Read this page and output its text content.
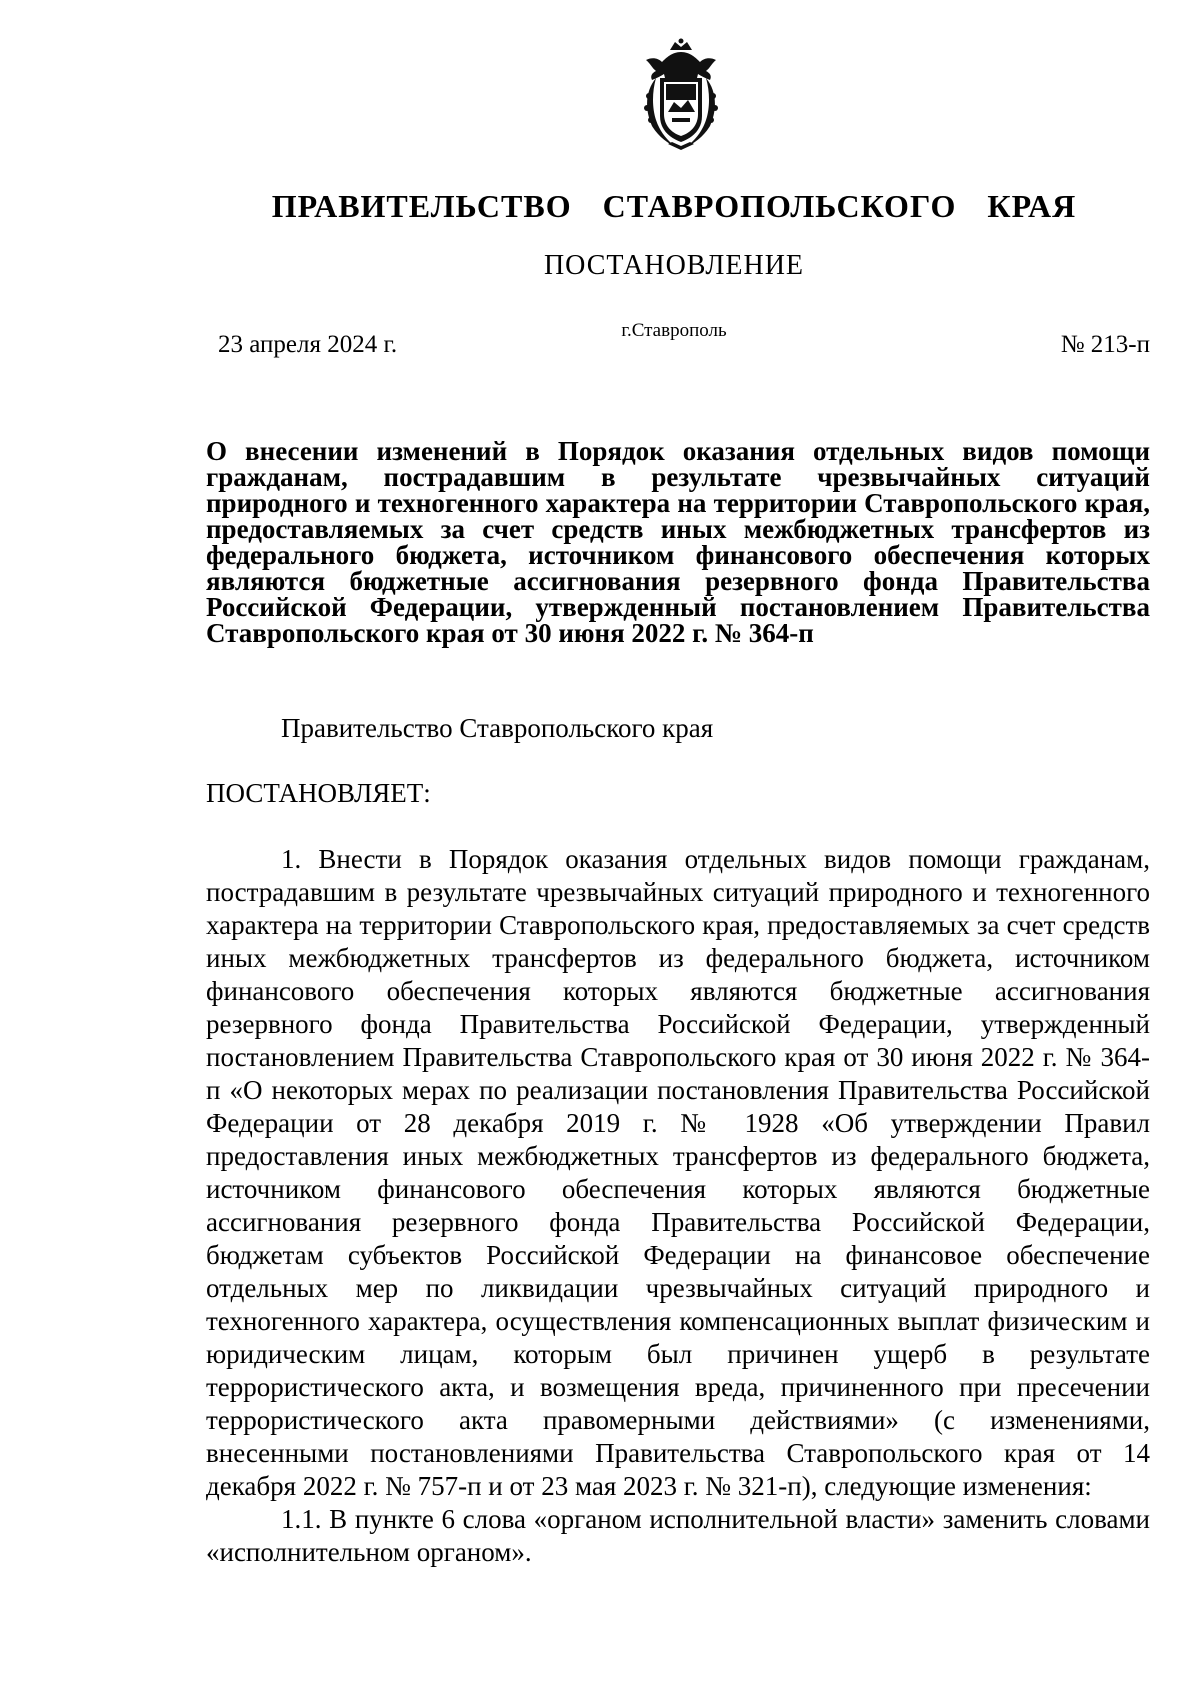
ПРАВИТЕЛЬСТВО СТАВРОПОЛЬСКОГО КРАЯ
ПОСТАНОВЛЕНИЕ
23 апреля 2024 г.
г.Ставрополь
№ 213-п
О внесении изменений в Порядок оказания отдельных видов помощи гражданам, пострадавшим в результате чрезвычайных ситуаций природного и техногенного характера на территории Ставропольского края, предоставляемых за счет средств иных межбюджетных трансфертов из федерального бюджета, источником финансового обеспечения которых являются бюджетные ассигнования резервного фонда Правительства Российской Федерации, утвержденный постановлением Правительства Ставропольского края от 30 июня 2022 г. № 364-п
Правительство Ставропольского края
ПОСТАНОВЛЯЕТ:

1. Внести в Порядок оказания отдельных видов помощи гражданам, пострадавшим в результате чрезвычайных ситуаций природного и техногенного характера на территории Ставропольского края, предоставляемых за счет средств иных межбюджетных трансфертов из федерального бюджета, источником финансового обеспечения которых являются бюджетные ассигнования резервного фонда Правительства Российской Федерации, утвержденный постановлением Правительства Ставропольского края от 30 июня 2022 г. № 364-п «О некоторых мерах по реализации постановления Правительства Российской Федерации от 28 декабря 2019 г. № 1928 «Об утверждении Правил предоставления иных межбюджетных трансфертов из федерального бюджета, источником финансового обеспечения которых являются бюджетные ассигнования резервного фонда Правительства Российской Федерации, бюджетам субъектов Российской Федерации на финансовое обеспечение отдельных мер по ликвидации чрезвычайных ситуаций природного и техногенного характера, осуществления компенсационных выплат физическим и юридическим лицам, которым был причинен ущерб в результате террористического акта, и возмещения вреда, причиненного при пресечении террористического акта правомерными действиями» (с изменениями, внесенными постановлениями Правительства Ставропольского края от 14 декабря 2022 г. № 757-п и от 23 мая 2023 г. № 321-п), следующие изменения:

1.1. В пункте 6 слова «органом исполнительной власти» заменить словами «исполнительном органом».
